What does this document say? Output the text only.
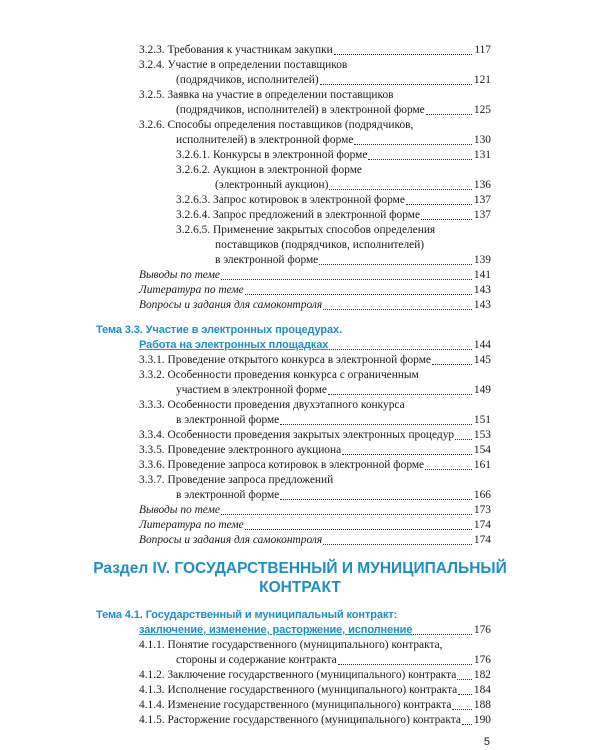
3.2.3. Требования к участникам закупки	117
3.2.4. Участие в определении поставщиков
(подрядчиков, исполнителей)	121
3.2.5. Заявка на участие в определении поставщиков
(подрядчиков, исполнителей) в электронной форме	125
3.2.6. Способы определения поставщиков (подрядчиков,
исполнителей) в электронной форме	130
3.2.6.1. Конкурсы в электронной форме	131
3.2.6.2. Аукцион в электронной форме
(электронный аукцион)	136
3.2.6.3. Запрос котировок в электронной форме	137
3.2.6.4. Запрос предложений в электронной форме	137
3.2.6.5. Применение закрытых способов определения
поставщиков (подрядчиков, исполнителей)
в электронной форме	139
Выводы по теме	141
Литература по теме	143
Вопросы и задания для самоконтроля	143
Тема 3.3. Участие в электронных процедурах.
Работа на электронных площадках	144
3.3.1. Проведение открытого конкурса в электронной форме	145
3.3.2. Особенности проведения конкурса с ограниченным
участием в электронной форме	149
3.3.3. Особенности проведения двухэтапного конкурса
в электронной форме	151
3.3.4. Особенности проведения закрытых электронных процедур 153
3.3.5. Проведение электронного аукциона	154
3.3.6. Проведение запроса котировок в электронной форме	161
3.3.7. Проведение запроса предложений
в электронной форме	166
Выводы по теме	173
Литература по теме	174
Вопросы и задания для самоконтроля	174
Раздел IV. ГОСУДАРСТВЕННЫЙ И МУНИЦИПАЛЬНЫЙ
КОНТРАКТ
Тема 4.1. Государственный и муниципальный контракт:
заключение, изменение, расторжение, исполнение	176
4.1.1. Понятие государственного (муниципального) контракта,
стороны и содержание контракта	176
4.1.2. Заключение государственного (муниципального) контракта 182
4.1.3. Исполнение государственного (муниципального) контракта 184
4.1.4. Изменение государственного (муниципального) контракта 188
4.1.5. Расторжение государственного (муниципального) контракта 190
5
